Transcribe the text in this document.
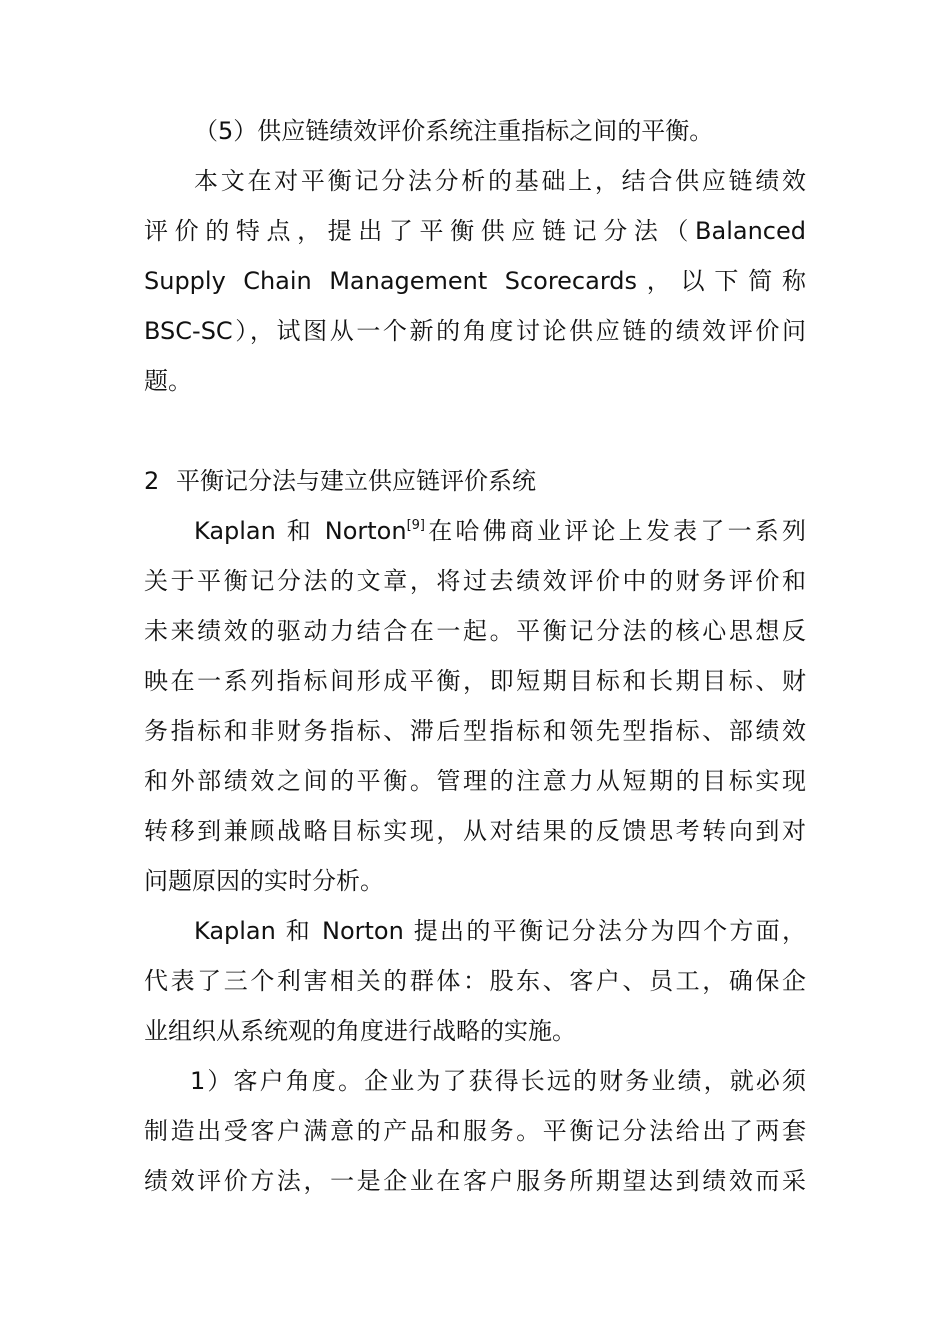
（5）供应链绩效评价系统注重指标之间的平衡。
本文在对平衡记分法分析的基础上，结合供应链绩效
评价的特点，提出了平衡供应链记分法（Balanced
Supply Chain Management Scorecards，以下简称
BSC-SC），试图从一个新的角度讨论供应链的绩效评价问
题。
2 平衡记分法与建立供应链评价系统
Kaplan 和 Norton[9]在哈佛商业评论上发表了一系列
关于平衡记分法的文章，将过去绩效评价中的财务评价和
未来绩效的驱动力结合在一起。平衡记分法的核心思想反
映在一系列指标间形成平衡，即短期目标和长期目标、财
务指标和非财务指标、滞后型指标和领先型指标、部绩效
和外部绩效之间的平衡。管理的注意力从短期的目标实现
转移到兼顾战略目标实现，从对结果的反馈思考转向到对
问题原因的实时分析。
Kaplan 和 Norton 提出的平衡记分法分为四个方面，
代表了三个利害相关的群体：股东、客户、员工，确保企
业组织从系统观的角度进行战略的实施。
1）客户角度。企业为了获得长远的财务业绩，就必须
制造出受客户满意的产品和服务。平衡记分法给出了两套
绩效评价方法，一是企业在客户服务所期望达到绩效而采
